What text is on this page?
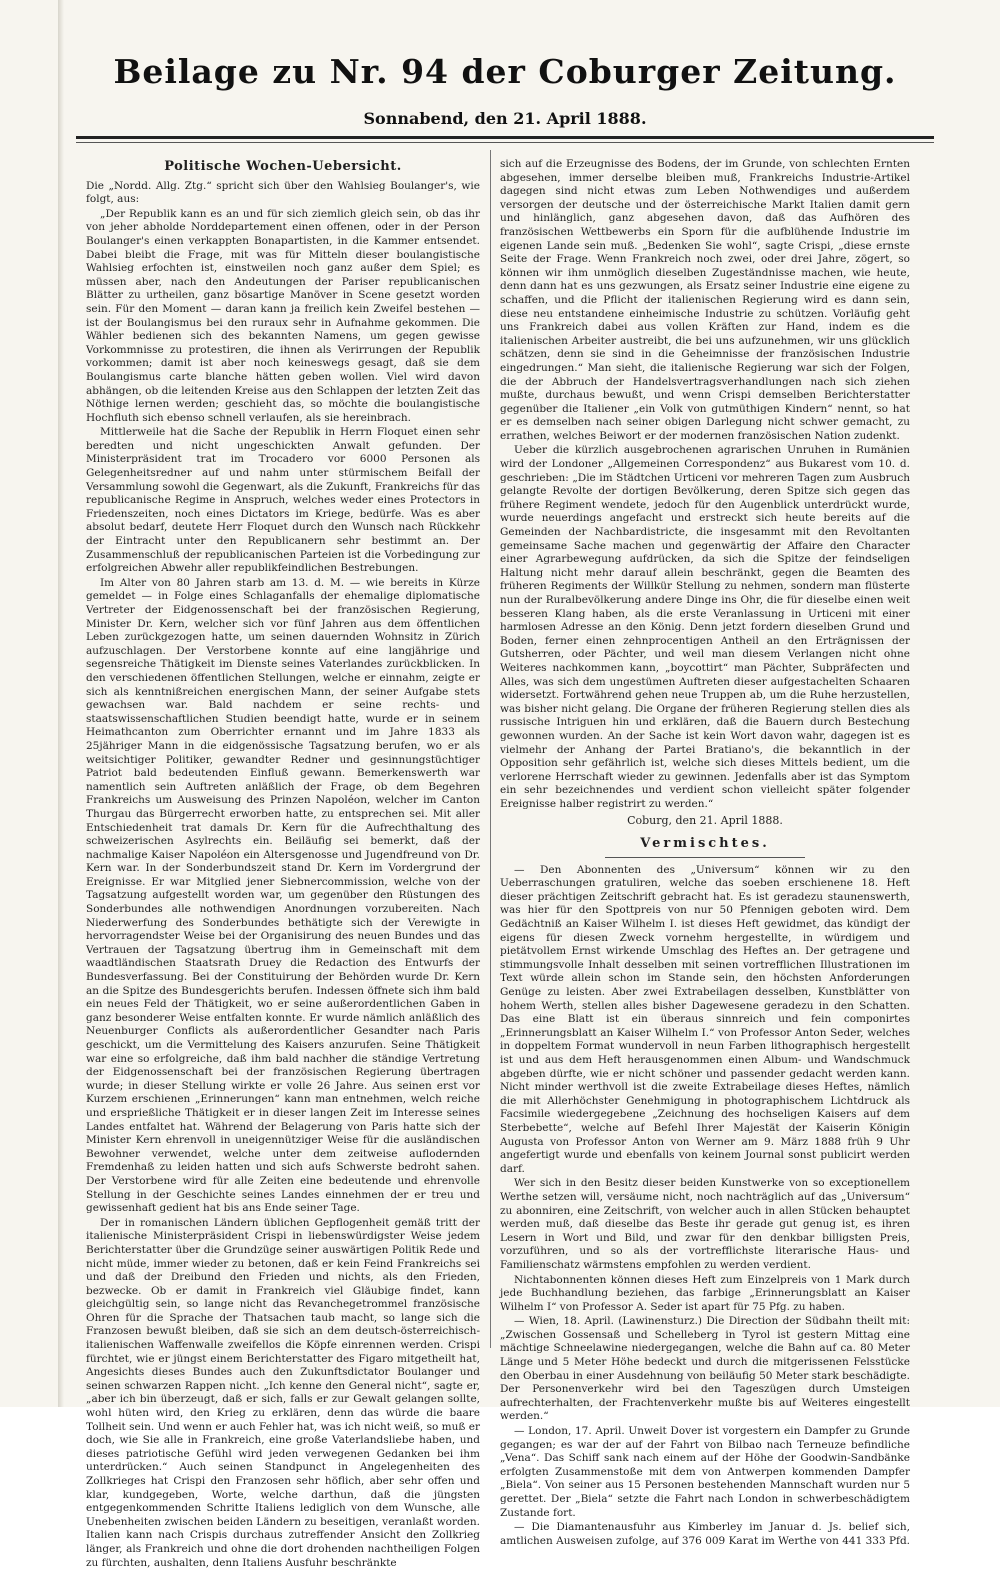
Beilage zu Nr. 94 der Coburger Zeitung.
Sonnabend, den 21. April 1888.
Politische Wochen-Uebersicht.

Die „Nordd. Allg. Ztg.“ spricht sich über den Wahlsieg Boulanger's, wie folgt, aus:

„Der Republik kann es an und für sich ziemlich gleich sein, ob das ihr von jeher abholde Norddepartement einen offenen, oder in der Person Boulanger's einen verkappten Bonapartisten, in die Kammer entsendet. Dabei bleibt die Frage, mit was für Mitteln dieser boulangistische Wahlsieg erfochten ist, einstweilen noch ganz außer dem Spiel; es müssen aber, nach den Andeutungen der Pariser republicanischen Blätter zu urtheilen, ganz bösartige Manöver in Scene gesetzt worden sein. Für den Moment — daran kann ja freilich kein Zweifel bestehen — ist der Boulangismus bei den ruraux sehr in Aufnahme gekommen. Die Wähler bedienen sich des bekannten Namens, um gegen gewisse Vorkommnisse zu protestiren, die ihnen als Verirrungen der Republik vorkommen; damit ist aber noch keineswegs gesagt, daß sie dem Boulangismus carte blanche hätten geben wollen. Viel wird davon abhängen, ob die leitenden Kreise aus den Schlappen der letzten Zeit das Nöthige lernen werden; geschieht das, so möchte die boulangistische Hochfluth sich ebenso schnell verlaufen, als sie hereinbrach.

Mittlerweile hat die Sache der Republik in Herrn Floquet einen sehr beredten und nicht ungeschickten Anwalt gefunden. Der Ministerpräsident trat im Trocadero vor 6000 Personen als Gelegenheitsredner auf und nahm unter stürmischem Beifall der Versammlung sowohl die Gegenwart, als die Zukunft, Frankreichs für das republicanische Regime in Anspruch, welches weder eines Protectors in Friedenszeiten, noch eines Dictators im Kriege, bedürfe. Was es aber absolut bedarf, deutete Herr Floquet durch den Wunsch nach Rückkehr der Eintracht unter den Republicanern sehr bestimmt an. Der Zusammenschluß der republicanischen Parteien ist die Vorbedingung zur erfolgreichen Abwehr aller republikfeindlichen Bestrebungen.

Im Alter von 80 Jahren starb am 13. d. M. — wie bereits in Kürze gemeldet — in Folge eines Schlaganfalls der ehemalige diplomatische Vertreter der Eidgenossenschaft bei der französischen Regierung, Minister Dr. Kern, welcher sich vor fünf Jahren aus dem öffentlichen Leben zurückgezogen hatte, um seinen dauernden Wohnsitz in Zürich aufzuschlagen. Der Verstorbene konnte auf eine langjährige und segensreiche Thätigkeit im Dienste seines Vaterlandes zurückblicken. In den verschiedenen öffentlichen Stellungen, welche er einnahm, zeigte er sich als kenntnißreichen energischen Mann, der seiner Aufgabe stets gewachsen war. Bald nachdem er seine rechts- und staatswissenschaftlichen Studien beendigt hatte, wurde er in seinem Heimathcanton zum Oberrichter ernannt und im Jahre 1833 als 25jähriger Mann in die eidgenössische Tagsatzung berufen, wo er als weitsichtiger Politiker, gewandter Redner und gesinnungstüchtiger Patriot bald bedeutenden Einfluß gewann. Bemerkenswerth war namentlich sein Auftreten anläßlich der Frage, ob dem Begehren Frankreichs um Ausweisung des Prinzen Napoléon, welcher im Canton Thurgau das Bürgerrecht erworben hatte, zu entsprechen sei. Mit aller Entschiedenheit trat damals Dr. Kern für die Aufrechthaltung des schweizerischen Asylrechts ein. Beiläufig sei bemerkt, daß der nachmalige Kaiser Napoléon ein Altersgenosse und Jugendfreund von Dr. Kern war. In der Sonderbundszeit stand Dr. Kern im Vordergrund der Ereignisse. Er war Mitglied jener Siebnercommission, welche von der Tagsatzung aufgestellt worden war, um gegenüber den Rüstungen des Sonderbundes alle nothwendigen Anordnungen vorzubereiten. Nach Niederwerfung des Sonderbundes bethätigte sich der Verewigte in hervorragendster Weise bei der Organisirung des neuen Bundes und das Vertrauen der Tagsatzung übertrug ihm in Gemeinschaft mit dem waadtländischen Staatsrath Druey die Redaction des Entwurfs der Bundesverfassung. Bei der Constituirung der Behörden wurde Dr. Kern an die Spitze des Bundesgerichts berufen. Indessen öffnete sich ihm bald ein neues Feld der Thätigkeit, wo er seine außerordentlichen Gaben in ganz besonderer Weise entfalten konnte. Er wurde nämlich anläßlich des Neuenburger Conflicts als außerordentlicher Gesandter nach Paris geschickt, um die Vermittelung des Kaisers anzurufen. Seine Thätigkeit war eine so erfolgreiche, daß ihm bald nachher die ständige Vertretung der Eidgenossenschaft bei der französischen Regierung übertragen wurde; in dieser Stellung wirkte er volle 26 Jahre. Aus seinen erst vor Kurzem erschienen „Erinnerungen“ kann man entnehmen, welch reiche und ersprießliche Thätigkeit er in dieser langen Zeit im Interesse seines Landes entfaltet hat. Während der Belagerung von Paris hatte sich der Minister Kern ehrenvoll in uneigennütziger Weise für die ausländischen Bewohner verwendet, welche unter dem zeitweise auflodernden Fremdenhaß zu leiden hatten und sich aufs Schwerste bedroht sahen. Der Verstorbene wird für alle Zeiten eine bedeutende und ehrenvolle Stellung in der Geschichte seines Landes einnehmen der er treu und gewissenhaft gedient hat bis ans Ende seiner Tage.

Der in romanischen Ländern üblichen Gepflogenheit gemäß tritt der italienische Ministerpräsident Crispi in liebenswürdigster Weise jedem Berichterstatter über die Grundzüge seiner auswärtigen Politik Rede und nicht müde, immer wieder zu betonen, daß er kein Feind Frankreichs sei und daß der Dreibund den Frieden und nichts, als den Frieden, bezwecke. Ob er damit in Frankreich viel Gläubige findet, kann gleichgültig sein, so lange nicht das Revanchegetrommel französische Ohren für die Sprache der Thatsachen taub macht, so lange sich die Franzosen bewußt bleiben, daß sie sich an dem deutsch-österreichisch-italienischen Waffenwalle zweifellos die Köpfe einrennen werden. Crispi fürchtet, wie er jüngst einem Berichterstatter des Figaro mitgetheilt hat, Angesichts dieses Bundes auch den Zukunftsdictator Boulanger und seinen schwarzen Rappen nicht. „Ich kenne den General nicht“, sagte er, „aber ich bin überzeugt, daß er sich, falls er zur Gewalt gelangen sollte, wohl hüten wird, den Krieg zu erklären, denn das würde die baare Tollheit sein. Und wenn er auch Fehler hat, was ich nicht weiß, so muß er doch, wie Sie alle in Frankreich, eine große Vaterlandsliebe haben, und dieses patriotische Gefühl wird jeden verwegenen Gedanken bei ihm unterdrücken.“ Auch seinen Standpunct in Angelegenheiten des Zollkrieges hat Crispi den Franzosen sehr höflich, aber sehr offen und klar, kundgegeben, Worte, welche darthun, daß die jüngsten entgegenkommenden Schritte Italiens lediglich von dem Wunsche, alle Unebenheiten zwischen beiden Ländern zu beseitigen, veranlaßt worden. Italien kann nach Crispis durchaus zutreffender Ansicht den Zollkrieg länger, als Frankreich und ohne die dort drohenden nachtheiligen Folgen zu fürchten, aushalten, denn Italiens Ausfuhr beschränkte

sich auf die Erzeugnisse des Bodens, der im Grunde, von schlechten Ernten abgesehen, immer derselbe bleiben muß, Frankreichs Industrie-Artikel dagegen sind nicht etwas zum Leben Nothwendiges und außerdem versorgen der deutsche und der österreichische Markt Italien damit gern und hinlänglich, ganz abgesehen davon, daß das Aufhören des französischen Wettbewerbs ein Sporn für die aufblühende Industrie im eigenen Lande sein muß. „Bedenken Sie wohl“, sagte Crispi, „diese ernste Seite der Frage. Wenn Frankreich noch zwei, oder drei Jahre, zögert, so können wir ihm unmöglich dieselben Zugeständnisse machen, wie heute, denn dann hat es uns gezwungen, als Ersatz seiner Industrie eine eigene zu schaffen, und die Pflicht der italienischen Regierung wird es dann sein, diese neu entstandene einheimische Industrie zu schützen. Vorläufig geht uns Frankreich dabei aus vollen Kräften zur Hand, indem es die italienischen Arbeiter austreibt, die bei uns aufzunehmen, wir uns glücklich schätzen, denn sie sind in die Geheimnisse der französischen Industrie eingedrungen.“ Man sieht, die italienische Regierung war sich der Folgen, die der Abbruch der Handelsvertragsverhandlungen nach sich ziehen mußte, durchaus bewußt, und wenn Crispi demselben Berichterstatter gegenüber die Italiener „ein Volk von gutmüthigen Kindern“ nennt, so hat er es demselben nach seiner obigen Darlegung nicht schwer gemacht, zu errathen, welches Beiwort er der modernen französischen Nation zudenkt.

Ueber die kürzlich ausgebrochenen agrarischen Unruhen in Rumänien wird der Londoner „Allgemeinen Correspondenz“ aus Bukarest vom 10. d. geschrieben: „Die im Städtchen Urticeni vor mehreren Tagen zum Ausbruch gelangte Revolte der dortigen Bevölkerung, deren Spitze sich gegen das frühere Regiment wendete, jedoch für den Augenblick unterdrückt wurde, wurde neuerdings angefacht und erstreckt sich heute bereits auf die Gemeinden der Nachbardistricte, die insgesammt mit den Revoltanten gemeinsame Sache machen und gegenwärtig der Affaire den Character einer Agrarbewegung aufdrücken, da sich die Spitze der feindseligen Haltung nicht mehr darauf allein beschränkt, gegen die Beamten des früheren Regiments der Willkür Stellung zu nehmen, sondern man flüsterte nun der Ruralbevölkerung andere Dinge ins Ohr, die für dieselbe einen weit besseren Klang haben, als die erste Veranlassung in Urticeni mit einer harmlosen Adresse an den König. Denn jetzt fordern dieselben Grund und Boden, ferner einen zehnprocentigen Antheil an den Erträgnissen der Gutsherren, oder Pächter, und weil man diesem Verlangen nicht ohne Weiteres nachkommen kann, „boycottirt“ man Pächter, Subpräfecten und Alles, was sich dem ungestümen Auftreten dieser aufgestachelten Schaaren widersetzt. Fortwährend gehen neue Truppen ab, um die Ruhe herzustellen, was bisher nicht gelang. Die Organe der früheren Regierung stellen dies als russische Intriguen hin und erklären, daß die Bauern durch Bestechung gewonnen wurden. An der Sache ist kein Wort davon wahr, dagegen ist es vielmehr der Anhang der Partei Bratiano's, die bekanntlich in der Opposition sehr gefährlich ist, welche sich dieses Mittels bedient, um die verlorene Herrschaft wieder zu gewinnen. Jedenfalls aber ist das Symptom ein sehr bezeichnendes und verdient schon vielleicht später folgender Ereignisse halber registrirt zu werden.“

Coburg, den 21. April 1888.
Vermischtes.

— Den Abonnenten des „Universum“ können wir zu den Ueberraschungen gratuliren, welche das soeben erschienene 18. Heft dieser prächtigen Zeitschrift gebracht hat. Es ist geradezu staunenswerth, was hier für den Spottpreis von nur 50 Pfennigen geboten wird. Dem Gedächtniß an Kaiser Wilhelm I. ist dieses Heft gewidmet, das kündigt der eigens für diesen Zweck vornehm hergestellte, in würdigem und pietätvollem Ernst wirkende Umschlag des Heftes an. Der getragene und stimmungsvolle Inhalt desselben mit seinen vortrefflichen Illustrationen im Text würde allein schon im Stande sein, den höchsten Anforderungen Genüge zu leisten. Aber zwei Extrabeilagen desselben, Kunstblätter von hohem Werth, stellen alles bisher Dagewesene geradezu in den Schatten. Das eine Blatt ist ein überaus sinnreich und fein componirtes „Erinnerungsblatt an Kaiser Wilhelm I.“ von Professor Anton Seder, welches in doppeltem Format wundervoll in neun Farben lithographisch hergestellt ist und aus dem Heft herausgenommen einen Album- und Wandschmuck abgeben dürfte, wie er nicht schöner und passender gedacht werden kann. Nicht minder werthvoll ist die zweite Extrabeilage dieses Heftes, nämlich die mit Allerhöchster Genehmigung in photographischem Lichtdruck als Facsimile wiedergegebene „Zeichnung des hochseligen Kaisers auf dem Sterbebette“, welche auf Befehl Ihrer Majestät der Kaiserin Königin Augusta von Professor Anton von Werner am 9. März 1888 früh 9 Uhr angefertigt wurde und ebenfalls von keinem Journal sonst publicirt werden darf.

Wer sich in den Besitz dieser beiden Kunstwerke von so exceptionellem Werthe setzen will, versäume nicht, noch nachträglich auf das „Universum“ zu abonniren, eine Zeitschrift, von welcher auch in allen Stücken behauptet werden muß, daß dieselbe das Beste ihr gerade gut genug ist, es ihren Lesern in Wort und Bild, und zwar für den denkbar billigsten Preis, vorzuführen, und so als der vortrefflichste literarische Haus- und Familienschatz wärmstens empfohlen zu werden verdient.

Nichtabonnenten können dieses Heft zum Einzelpreis von 1 Mark durch jede Buchhandlung beziehen, das farbige „Erinnerungsblatt an Kaiser Wilhelm I“ von Professor A. Seder ist apart für 75 Pfg. zu haben.

— Wien, 18. April. (Lawinensturz.) Die Direction der Südbahn theilt mit: „Zwischen Gossensaß und Schelleberg in Tyrol ist gestern Mittag eine mächtige Schneelawine niedergegangen, welche die Bahn auf ca. 80 Meter Länge und 5 Meter Höhe bedeckt und durch die mitgerissenen Felsstücke den Oberbau in einer Ausdehnung von beiläufig 50 Meter stark beschädigte. Der Personenverkehr wird bei den Tageszügen durch Umsteigen aufrechterhalten, der Frachtenverkehr mußte bis auf Weiteres eingestellt werden.“

— London, 17. April. Unweit Dover ist vorgestern ein Dampfer zu Grunde gegangen; es war der auf der Fahrt von Bilbao nach Terneuze befindliche „Vena“. Das Schiff sank nach einem auf der Höhe der Goodwin-Sandbänke erfolgten Zusammenstoße mit dem von Antwerpen kommenden Dampfer „Biela“. Von seiner aus 15 Personen bestehenden Mannschaft wurden nur 5 gerettet. Der „Biela“ setzte die Fahrt nach London in schwerbeschädigtem Zustande fort.

— Die Diamantenausfuhr aus Kimberley im Januar d. Js. belief sich, amtlichen Ausweisen zufolge, auf 376 009 Karat im Werthe von 441 333 Pfd.
